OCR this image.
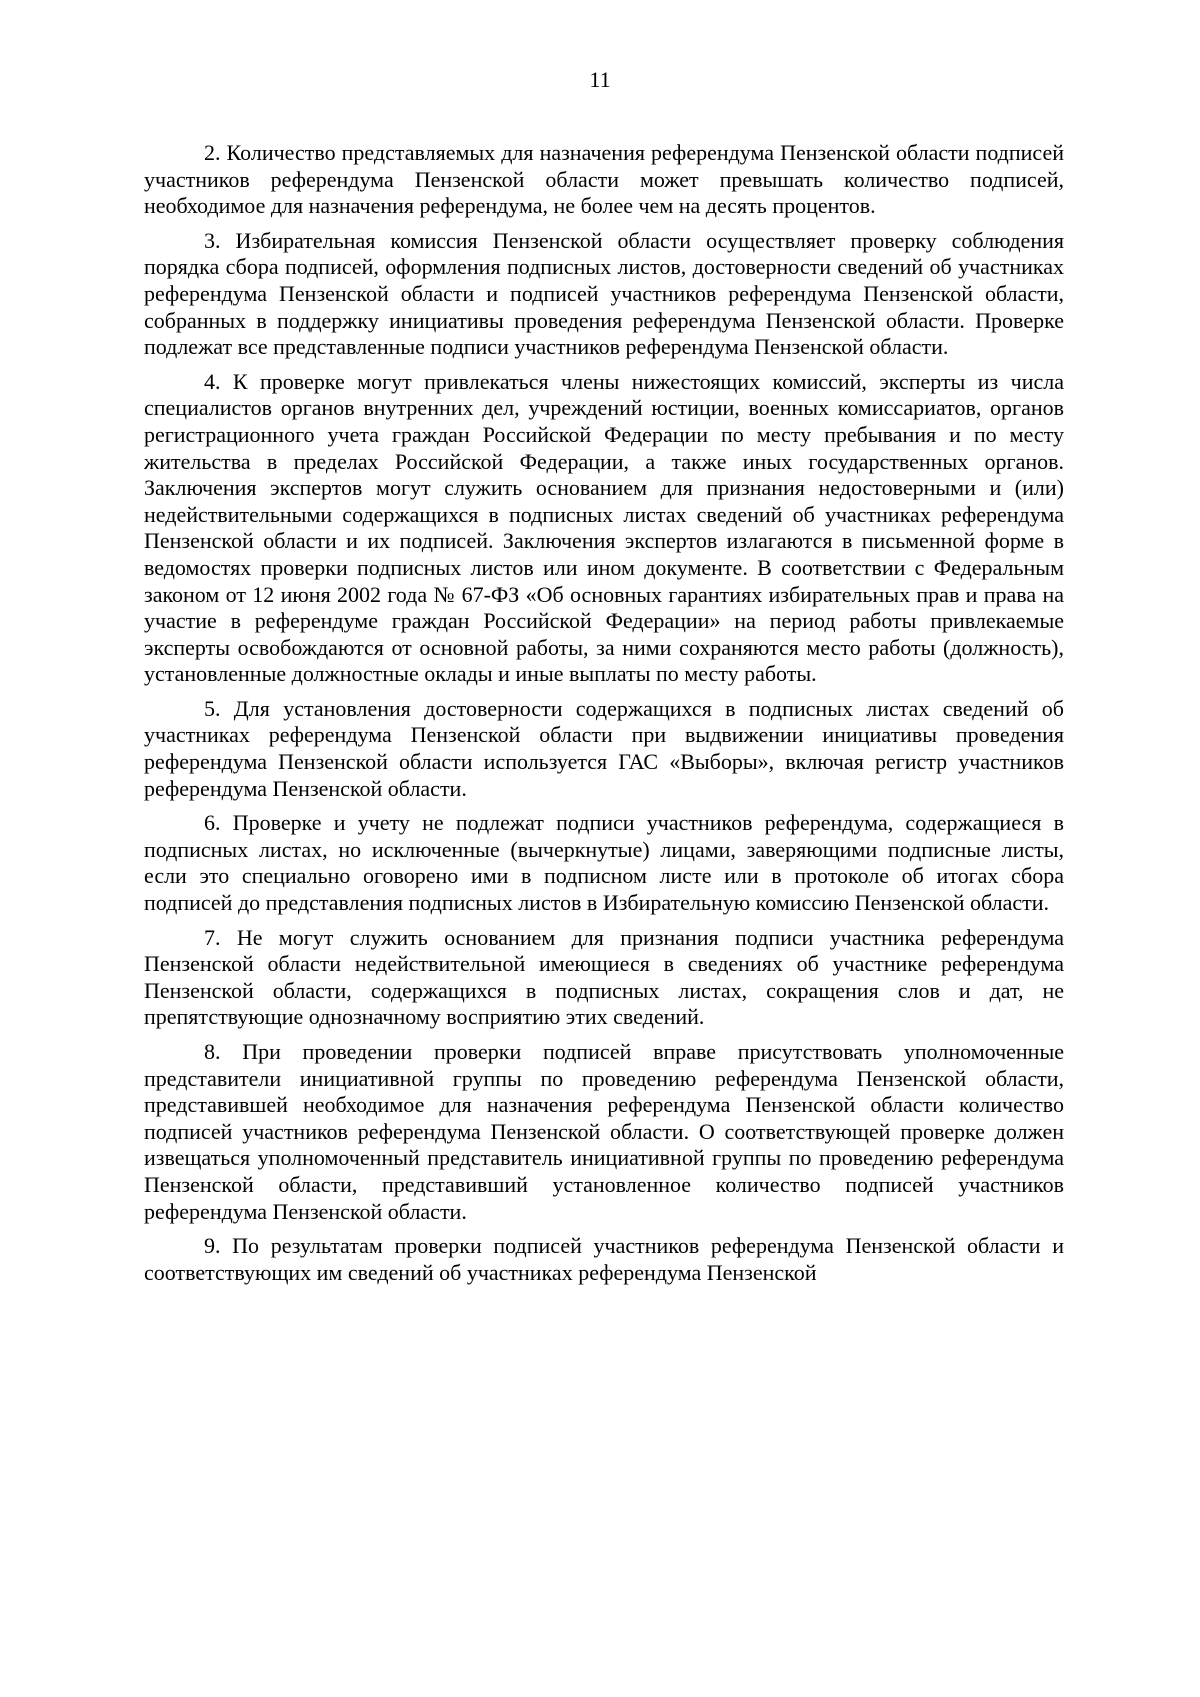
11

2. Количество представляемых для назначения референдума Пензенской области подписей участников референдума Пензенской области может превышать количество подписей, необходимое для назначения референдума, не более чем на десять процентов.

3. Избирательная комиссия Пензенской области осуществляет проверку соблюдения порядка сбора подписей, оформления подписных листов, достоверности сведений об участниках референдума Пензенской области и подписей участников референдума Пензенской области, собранных в поддержку инициативы проведения референдума Пензенской области. Проверке подлежат все представленные подписи участников референдума Пензенской области.

4. К проверке могут привлекаться члены нижестоящих комиссий, эксперты из числа специалистов органов внутренних дел, учреждений юстиции, военных комиссариатов, органов регистрационного учета граждан Российской Федерации по месту пребывания и по месту жительства в пределах Российской Федерации, а также иных государственных органов. Заключения экспертов могут служить основанием для признания недостоверными и (или) недействительными содержащихся в подписных листах сведений об участниках референдума Пензенской области и их подписей. Заключения экспертов излагаются в письменной форме в ведомостях проверки подписных листов или ином документе. В соответствии с Федеральным законом от 12 июня 2002 года № 67-ФЗ «Об основных гарантиях избирательных прав и права на участие в референдуме граждан Российской Федерации» на период работы привлекаемые эксперты освобождаются от основной работы, за ними сохраняются место работы (должность), установленные должностные оклады и иные выплаты по месту работы.

5. Для установления достоверности содержащихся в подписных листах сведений об участниках референдума Пензенской области при выдвижении инициативы проведения референдума Пензенской области используется ГАС «Выборы», включая регистр участников референдума Пензенской области.

6. Проверке и учету не подлежат подписи участников референдума, содержащиеся в подписных листах, но исключенные (вычеркнутые) лицами, заверяющими подписные листы, если это специально оговорено ими в подписном листе или в протоколе об итогах сбора подписей до представления подписных листов в Избирательную комиссию Пензенской области.

7. Не могут служить основанием для признания подписи участника референдума Пензенской области недействительной имеющиеся в сведениях об участнике референдума Пензенской области, содержащихся в подписных листах, сокращения слов и дат, не препятствующие однозначному восприятию этих сведений.

8. При проведении проверки подписей вправе присутствовать уполномоченные представители инициативной группы по проведению референдума Пензенской области, представившей необходимое для назначения референдума Пензенской области количество подписей участников референдума Пензенской области. О соответствующей проверке должен извещаться уполномоченный представитель инициативной группы по проведению референдума Пензенской области, представивший установленное количество подписей участников референдума Пензенской области.

9. По результатам проверки подписей участников референдума Пензенской области и соответствующих им сведений об участниках референдума Пензенской
